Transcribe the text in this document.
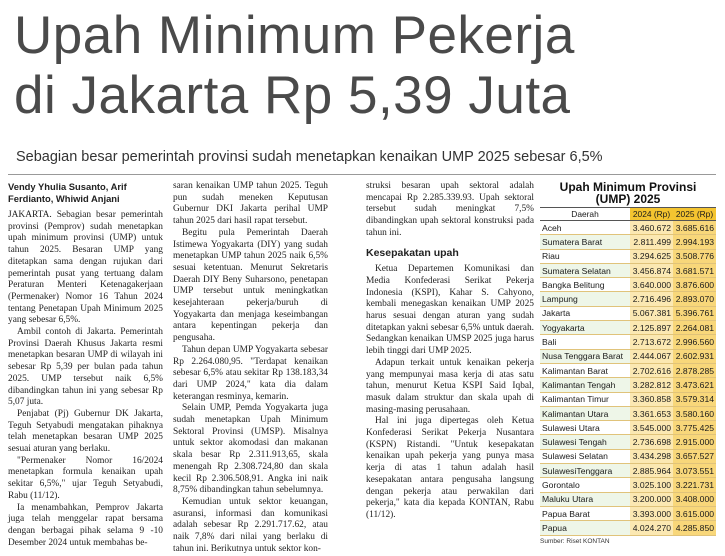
Upah Minimum Pekerja
di Jakarta Rp 5,39 Juta
Sebagian besar pemerintah provinsi sudah menetapkan kenaikan UMP 2025 sebesar 6,5%
Vendy Yhulia Susanto, Arif Ferdianto, Whiwid Anjani

JAKARTA. Sebagian besar pemerintah provinsi (Pemprov) sudah menetapkan upah minimum provinsi (UMP) untuk tahun 2025. Besaran UMP yang ditetapkan sama dengan rujukan dari pemerintah pusat yang tertuang dalam Peraturan Menteri Ketenagakerjaan (Permenaker) Nomor 16 Tahun 2024 tentang Penetapan Upah Minimum 2025 yang sebesar 6,5%.

Ambil contoh di Jakarta. Pemerintah Provinsi Daerah Khusus Jakarta resmi menetapkan besaran UMP di wilayah ini sebesar Rp 5,39 per bulan pada tahun 2025. UMP tersebut naik 6,5% dibandingkan tahun ini yang sebesar Rp 5,07 juta.

Penjabat (Pj) Gubernur DK Jakarta, Teguh Setyabudi mengatakan pihaknya telah menetapkan besaran UMP 2025 sesuai aturan yang berlaku.

"Permenaker Nomor 16/2024 menetapkan formula kenaikan upah sekitar 6,5%," ujar Teguh Setyabudi, Rabu (11/12).

Ia menambahkan, Pemprov Jakarta juga telah menggelar rapat bersama dengan berbagai pihak selama 9 -10 Desember 2024 untuk membahas be-

saran kenaikan UMP tahun 2025. Teguh pun sudah meneken Keputusan Gubernur DKI Jakarta perihal UMP tahun 2025 dari hasil rapat tersebut.

Begitu pula Pemerintah Daerah Istimewa Yogyakarta (DIY) yang sudah menetapkan UMP tahun 2025 naik 6,5% sesuai ketentuan. Menurut Sekretaris Daerah DIY Beny Suharsono, penetapan UMP tersebut untuk meningkatkan kesejahteraan pekerja/buruh di Yogyakarta dan menjaga keseimbangan antara kepentingan pekerja dan pengusaha.

Tahun depan UMP Yogyakarta sebesar Rp 2.264.080,95. "Terdapat kenaikan sebesar 6,5% atau sekitar Rp 138.183,34 dari UMP 2024," kata dia dalam keterangan resminya, kemarin.

Selain UMP, Pemda Yogyakarta juga sudah menetapkan Upah Minimum Sektoral Provinsi (UMSP). Misalnya untuk sektor akomodasi dan makanan skala besar Rp 2.311.913,65, skala menengah Rp 2.308.724,80 dan skala kecil Rp 2.306.508,91. Angka ini naik 8,75% dibandingkan tahun sebelumnya.

Kemudian untuk sektor keuangan, asuransi, informasi dan komunikasi adalah sebesar Rp 2.291.717.62, atau naik 7,8% dari nilai yang berlaku di tahun ini. Berikutnya untuk sektor kon-

struksi besaran upah sektoral adalah mencapai Rp 2.285.339.93. Upah sektoral tersebut sudah meningkat 7,5% dibandingkan upah sektoral konstruksi pada tahun ini.

Kesepakatan upah

Ketua Departemen Komunikasi dan Media Konfederasi Serikat Pekerja Indonesia (KSPI), Kahar S. Cahyono, kembali menegaskan kenaikan UMP 2025 harus sesuai dengan aturan yang sudah ditetapkan yakni sebesar 6,5% untuk daerah. Sedangkan kenaikan UMSP 2025 juga harus lebih tinggi dari UMP 2025.

Adapun terkait untuk kenaikan pekerja yang mempunyai masa kerja di atas satu tahun, menurut Ketua KSPI Said Iqbal, masuk dalam struktur dan skala upah di masing-masing perusahaan.

Hal ini juga dipertegas oleh Ketua Konfederasi Serikat Pekerja Nusantara (KSPN) Ristandi. "Untuk kesepakatan kenaikan upah pekerja yang punya masa kerja di atas 1 tahun adalah hasil kesepakatan antara pengusaha langsung dengan pekerja atau perwakilan dari pekerja," kata dia kepada KONTAN, Rabu (11/12).

Upah Minimum Provinsi
(UMP) 2025
Daerah	2024 (Rp)	2025 (Rp)
Aceh	3.460.672	3.685.616
Sumatera Barat	2.811.499	2.994.193
Riau	3.294.625	3.508.776
Sumatera Selatan	3.456.874	3.681.571
Bangka Belitung	3.640.000	3.876.600
Lampung	2.716.496	2.893.070
Jakarta	5.067.381	5.396.761
Yogyakarta	2.125.897	2.264.081
Bali	2.713.672	2.996.560
Nusa Tenggara Barat	2.444.067	2.602.931
Kalimantan Barat	2.702.616	2.878.285
Kalimantan Tengah	3.282.812	3.473.621
Kalimantan Timur	3.360.858	3.579.314
Kalimantan Utara	3.361.653	3.580.160
Sulawesi Utara	3.545.000	3.775.425
Sulawesi Tengah	2.736.698	2.915.000
Sulawesi Selatan	3.434.298	3.657.527
SulawesiTenggara	2.885.964	3.073.551
Gorontalo	3.025.100	3.221.731
Maluku Utara	3.200.000	3.408.000
Papua Barat	3.393.000	3.615.000
Papua	4.024.270	4.285.850
Sumber: Riset KONTAN
